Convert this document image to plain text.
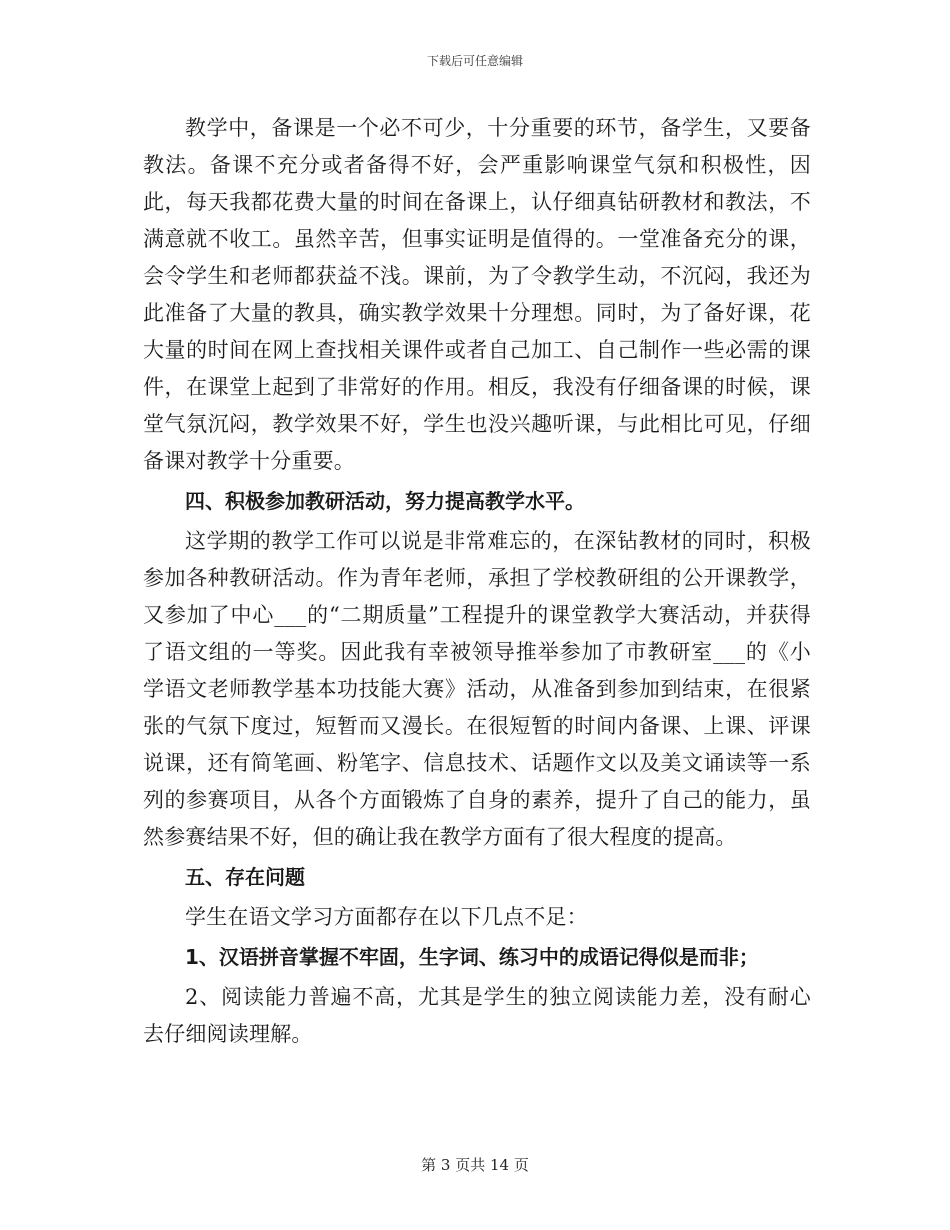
下载后可任意编辑

教学中，备课是一个必不可少，十分重要的环节，备学生，又要备教法。备课不充分或者备得不好，会严重影响课堂气氛和积极性，因此，每天我都花费大量的时间在备课上，认仔细真钻研教材和教法，不满意就不收工。虽然辛苦，但事实证明是值得的。一堂准备充分的课，会令学生和老师都获益不浅。课前，为了令教学生动，不沉闷，我还为此准备了大量的教具，确实教学效果十分理想。同时，为了备好课，花大量的时间在网上查找相关课件或者自己加工、自己制作一些必需的课件，在课堂上起到了非常好的作用。相反，我没有仔细备课的时候，课堂气氛沉闷，教学效果不好，学生也没兴趣听课，与此相比可见，仔细备课对教学十分重要。

四、积极参加教研活动，努力提高教学水平。

这学期的教学工作可以说是非常难忘的，在深钻教材的同时，积极参加各种教研活动。作为青年老师，承担了学校教研组的公开课教学，又参加了中心___的“二期质量”工程提升的课堂教学大赛活动，并获得了语文组的一等奖。因此我有幸被领导推举参加了市教研室___的《小学语文老师教学基本功技能大赛》活动，从准备到参加到结束，在很紧张的气氛下度过，短暂而又漫长。在很短暂的时间内备课、上课、评课说课，还有简笔画、粉笔字、信息技术、话题作文以及美文诵读等一系列的参赛项目，从各个方面锻炼了自身的素养，提升了自己的能力，虽然参赛结果不好，但的确让我在教学方面有了很大程度的提高。

五、存在问题

学生在语文学习方面都存在以下几点不足：

1、汉语拼音掌握不牢固，生字词、练习中的成语记得似是而非；

2、阅读能力普遍不高，尤其是学生的独立阅读能力差，没有耐心去仔细阅读理解。

第 3 页共 14 页
